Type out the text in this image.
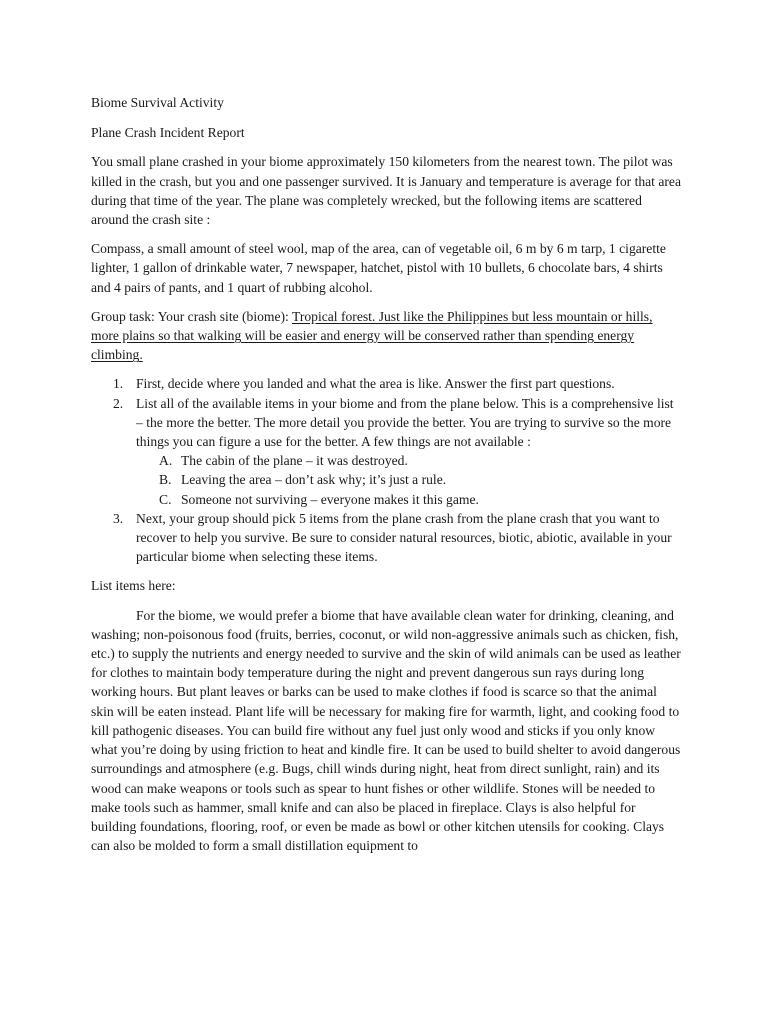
Biome Survival Activity

Plane Crash Incident Report

You small plane crashed in your biome approximately 150 kilometers from the nearest town. The pilot was killed in the crash, but you and one passenger survived. It is January and temperature is average for that area during that time of the year. The plane was completely wrecked, but the following items are scattered around the crash site :

Compass, a small amount of steel wool, map of the area, can of vegetable oil, 6 m by 6 m tarp, 1 cigarette lighter, 1 gallon of drinkable water, 7 newspaper, hatchet, pistol with 10 bullets, 6 chocolate bars, 4 shirts and 4 pairs of pants, and 1 quart of rubbing alcohol.

Group task: Your crash site (biome): Tropical forest. Just like the Philippines but less mountain or hills, more plains so that walking will be easier and energy will be conserved rather than spending energy climbing.

1. First, decide where you landed and what the area is like. Answer the first part questions.
2. List all of the available items in your biome and from the plane below. This is a comprehensive list – the more the better. The more detail you provide the better. You are trying to survive so the more things you can figure a use for the better. A few things are not available :
A. The cabin of the plane – it was destroyed.
B. Leaving the area – don’t ask why; it’s just a rule.
C. Someone not surviving – everyone makes it this game.
3. Next, your group should pick 5 items from the plane crash from the plane crash that you want to recover to help you survive. Be sure to consider natural resources, biotic, abiotic, available in your particular biome when selecting these items.

List items here:

For the biome, we would prefer a biome that have available clean water for drinking, cleaning, and washing; non-poisonous food (fruits, berries, coconut, or wild non-aggressive animals such as chicken, fish, etc.) to supply the nutrients and energy needed to survive and the skin of wild animals can be used as leather for clothes to maintain body temperature during the night and prevent dangerous sun rays during long working hours. But plant leaves or barks can be used to make clothes if food is scarce so that the animal skin will be eaten instead. Plant life will be necessary for making fire for warmth, light, and cooking food to kill pathogenic diseases. You can build fire without any fuel just only wood and sticks if you only know what you’re doing by using friction to heat and kindle fire. It can be used to build shelter to avoid dangerous surroundings and atmosphere (e.g. Bugs, chill winds during night, heat from direct sunlight, rain) and its wood can make weapons or tools such as spear to hunt fishes or other wildlife. Stones will be needed to make tools such as hammer, small knife and can also be placed in fireplace. Clays is also helpful for building foundations, flooring, roof, or even be made as bowl or other kitchen utensils for cooking. Clays can also be molded to form a small distillation equipment to
